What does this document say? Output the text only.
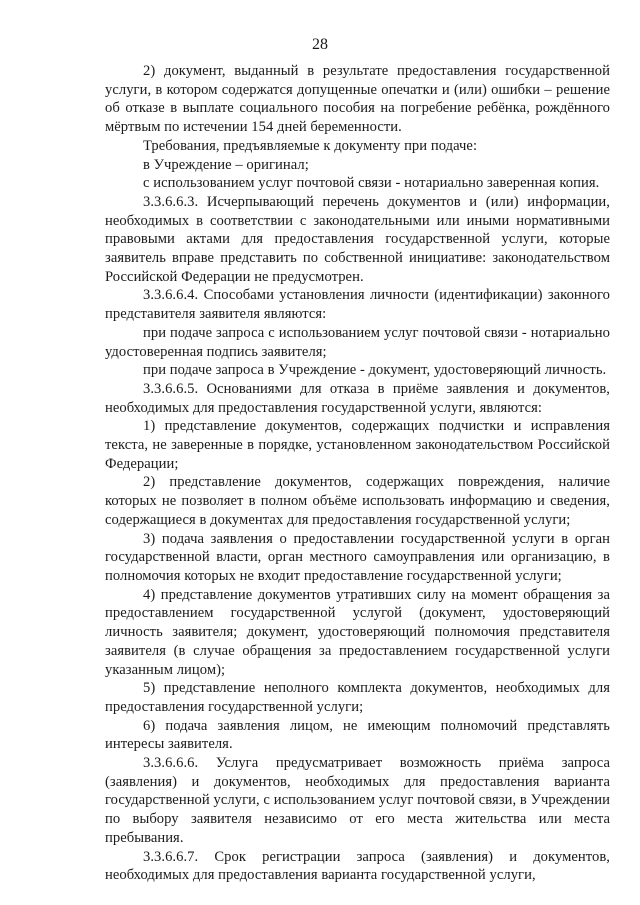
28

2) документ, выданный в результате предоставления государственной услуги, в котором содержатся допущенные опечатки и (или) ошибки – решение об отказе в выплате социального пособия на погребение ребёнка, рождённого мёртвым по истечении 154 дней беременности.

Требования, предъявляемые к документу при подаче:

в Учреждение – оригинал;

с использованием услуг почтовой связи - нотариально заверенная копия.

3.3.6.6.3. Исчерпывающий перечень документов и (или) информации, необходимых в соответствии с законодательными или иными нормативными правовыми актами для предоставления государственной услуги, которые заявитель вправе представить по собственной инициативе: законодательством Российской Федерации не предусмотрен.

3.3.6.6.4. Способами установления личности (идентификации) законного представителя заявителя являются:

при подаче запроса с использованием услуг почтовой связи - нотариально удостоверенная подпись заявителя;

при подаче запроса в Учреждение - документ, удостоверяющий личность.

3.3.6.6.5. Основаниями для отказа в приёме заявления и документов, необходимых для предоставления государственной услуги, являются:

1) представление документов, содержащих подчистки и исправления текста, не заверенные в порядке, установленном законодательством Российской Федерации;

2) представление документов, содержащих повреждения, наличие которых не позволяет в полном объёме использовать информацию и сведения, содержащиеся в документах для предоставления государственной услуги;

3) подача заявления о предоставлении государственной услуги в орган государственной власти, орган местного самоуправления или организацию, в полномочия которых не входит предоставление государственной услуги;

4) представление документов утративших силу на момент обращения за предоставлением государственной услугой (документ, удостоверяющий личность заявителя; документ, удостоверяющий полномочия представителя заявителя (в случае обращения за предоставлением государственной услуги указанным лицом);

5) представление неполного комплекта документов, необходимых для предоставления государственной услуги;

6) подача заявления лицом, не имеющим полномочий представлять интересы заявителя.

3.3.6.6.6. Услуга предусматривает возможность приёма запроса (заявления) и документов, необходимых для предоставления варианта государственной услуги, с использованием услуг почтовой связи, в Учреждении по выбору заявителя независимо от его места жительства или места пребывания.

3.3.6.6.7. Срок регистрации запроса (заявления) и документов, необходимых для предоставления варианта государственной услуги,
